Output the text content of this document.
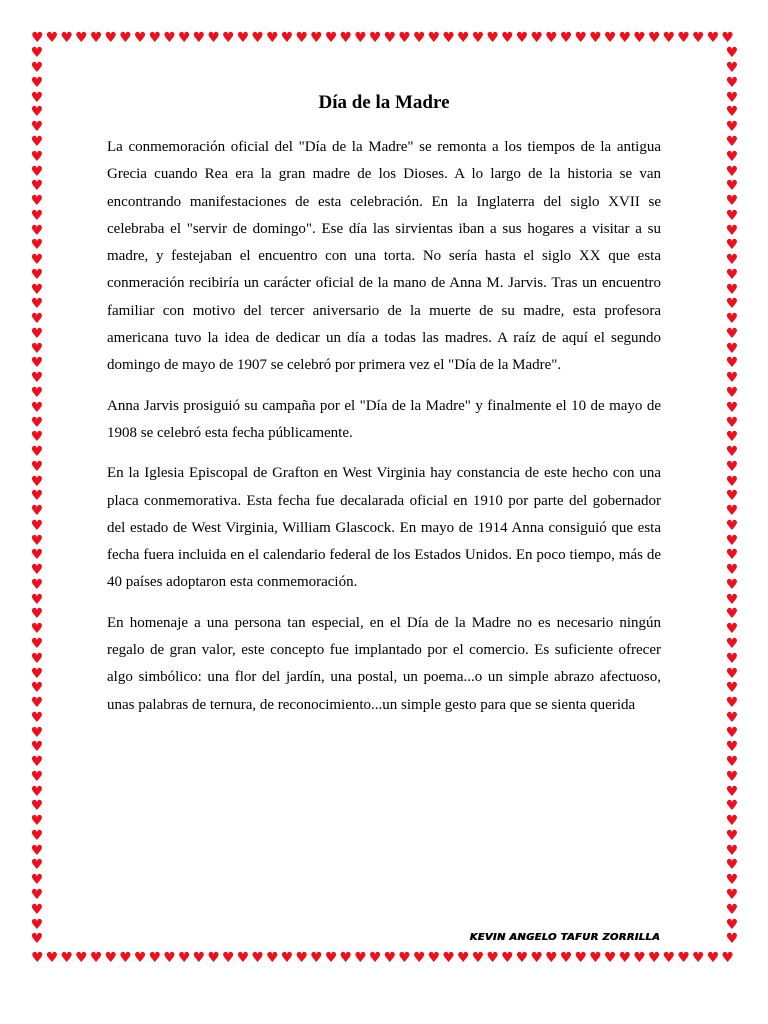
♥ ♥ ♥ ♥ ♥ ♥ ♥ ♥ ♥ ♥ ♥ ♥ ♥ ♥ ♥ ♥ ♥ ♥ ♥ ♥ ♥ ♥ ♥ ♥ ♥ ♥ ♥ ♥ ♥ ♥ ♥ ♥ ♥ ♥ ♥ ♥ ♥ ♥ ♥ ♥ ♥ ♥ ♥ ♥ ♥ ♥ ♥ ♥
♥ ♥ ♥ ♥ ♥ ♥ ♥ ♥ ♥ ♥ ♥ ♥ ♥ ♥ ♥ ♥ ♥ ♥ ♥ ♥ ♥ ♥ ♥ ♥ ♥ ♥ ♥ ♥ ♥ ♥ ♥ ♥ ♥ ♥ ♥ ♥ ♥ ♥ ♥ ♥ ♥ ♥ ♥ ♥ ♥ ♥ ♥ ♥
♥
♥
♥
♥
♥
♥
♥
♥
♥
♥
♥
♥
♥
♥
♥
♥
♥
♥
♥
♥
♥
♥
♥
♥
♥
♥
♥
♥
♥
♥
♥
♥
♥
♥
♥
♥
♥
♥
♥
♥
♥
♥
♥
♥
♥
♥
♥
♥
♥
♥
♥
♥
♥
♥
♥
♥
♥
♥
♥
♥
♥
♥
♥
♥
♥
♥
♥
♥
♥
♥
♥
♥
♥
♥
♥
♥
♥
♥
♥
♥
♥
♥
♥
♥
♥
♥
♥
♥
♥
♥
♥
♥
♥
♥
♥
♥
♥
♥
♥
♥
♥
♥
♥
♥
♥
♥
♥
♥
♥
♥
♥
♥
♥
♥
♥
♥
♥
♥
♥
♥
♥
♥
Día de la Madre

La conmemoración oficial del "Día de la Madre" se remonta a los tiempos de la antigua Grecia cuando Rea era la gran madre de los Dioses. A lo largo de la historia se van encontrando manifestaciones de esta celebración. En la Inglaterra del siglo XVII se celebraba el "servir de domingo". Ese día las sirvientas iban a sus hogares a visitar a su madre, y festejaban el encuentro con una torta. No sería hasta el siglo XX que esta conmeración recibiría un carácter oficial de la mano de Anna M. Jarvis. Tras un encuentro familiar con motivo del tercer aniversario de la muerte de su madre, esta profesora americana tuvo la idea de dedicar un día a todas las madres. A raíz de aquí el segundo domingo de mayo de 1907 se celebró por primera vez el "Día de la Madre".

Anna Jarvis prosiguió su campaña por el "Día de la Madre" y finalmente el 10 de mayo de 1908 se celebró esta fecha públicamente.

En la Iglesia Episcopal de Grafton en West Virginia hay constancia de este hecho con una placa conmemorativa. Esta fecha fue decalarada oficial en 1910 por parte del gobernador del estado de West Virginia, William Glascock. En mayo de 1914 Anna consiguió que esta fecha fuera incluida en el calendario federal de los Estados Unidos. En poco tiempo, más de 40 países adoptaron esta conmemoración.

En homenaje a una persona tan especial, en el Día de la Madre no es necesario ningún regalo de gran valor, este concepto fue implantado por el comercio. Es suficiente ofrecer algo simbólico: una flor del jardín, una postal, un poema...o un simple abrazo afectuoso, unas palabras de ternura, de reconocimiento...un simple gesto para que se sienta querida

KEVIN ANGELO TAFUR ZORRILLA
